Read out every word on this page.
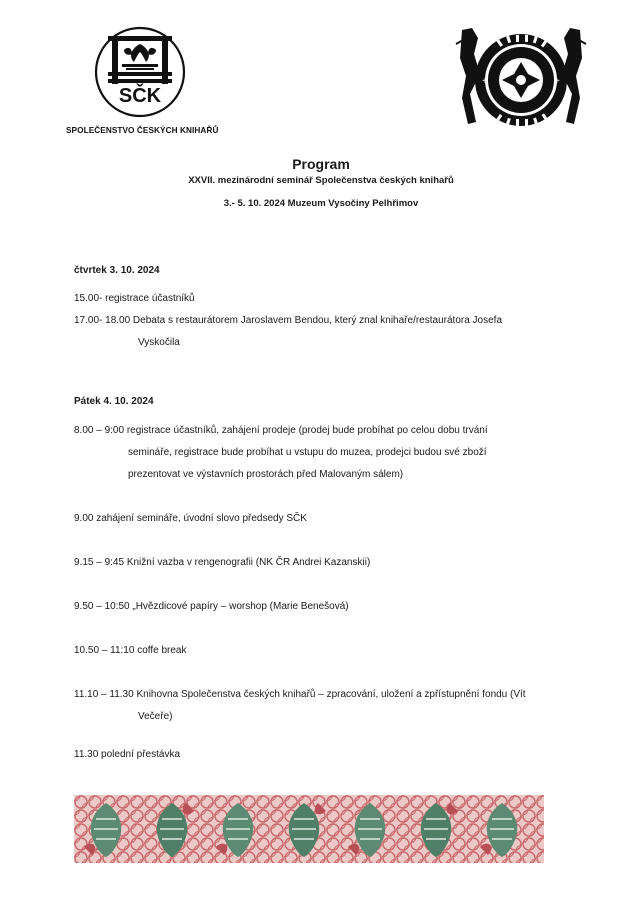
SČK
SPOLEČENSTVO ČESKÝCH KNIHAŘŮ
+	+
Program
XXVII. mezinárodní seminář Společenstva českých knihařů
3.- 5. 10. 2024 Muzeum Vysočiny Pelhřimov
čtvrtek 3. 10. 2024
15.00- registrace účastníků
17.00- 18.00 Debata s restaurátorem Jaroslavem Bendou, který znal knihaře/restaurátora Josefa
Vyskočila
Pátek 4. 10. 2024
8.00 – 9:00 registrace účastníků, zahájení prodeje (prodej bude probíhat po celou dobu trvání
semináře, registrace bude probíhat u vstupu do muzea, prodejci budou své zboží
prezentovat ve výstavních prostorách před Malovaným sálem)
9.00 zahájení semináře, úvodní slovo předsedy SČK
9.15 – 9:45 Knižní vazba v rengenografii (NK ČR Andrei Kazanskii)
9.50 – 10:50 „Hvězdicové papíry – worshop (Marie Benešová)
10.50 – 11:10 coffe break
11.10 – 11.30 Knihovna Společenstva českých knihařů – zpracování, uložení a zpřístupnění fondu (Vít
Večeře)
11.30 polední přestávka
